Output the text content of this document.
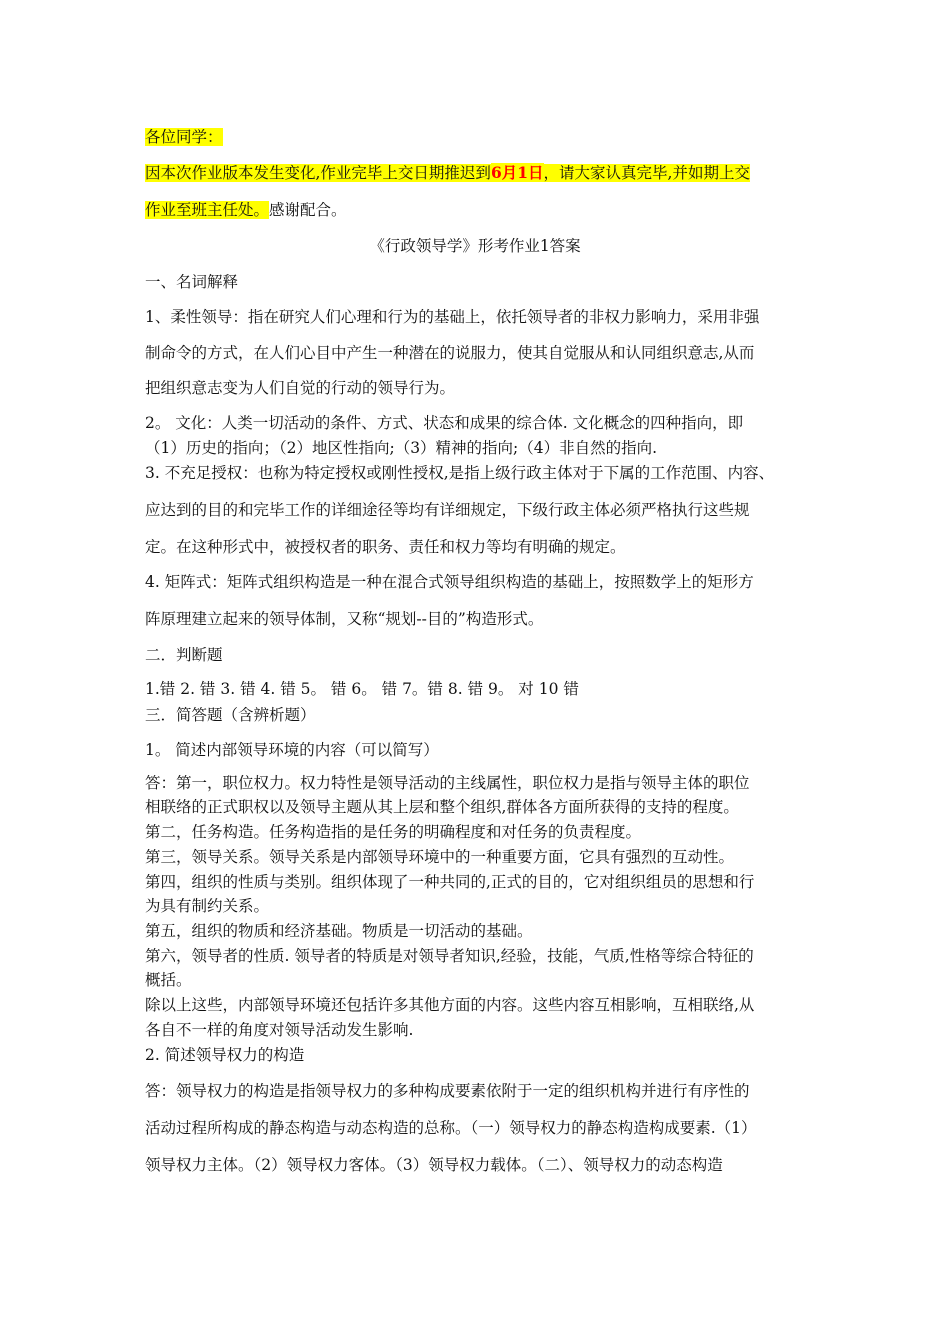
各位同学：
因本次作业版本发生变化,作业完毕上交日期推迟到6月1日，请大家认真完毕,并如期上交
作业至班主任处。感谢配合。
《行政领导学》形考作业1答案
一、名词解释
1、柔性领导：指在研究人们心理和行为的基础上，依托领导者的非权力影响力，采用非强
制命令的方式，在人们心目中产生一种潜在的说服力，使其自觉服从和认同组织意志,从而
把组织意志变为人们自觉的行动的领导行为。
2。 文化：人类一切活动的条件、方式、状态和成果的综合体. 文化概念的四种指向，即
（1）历史的指向；（2）地区性指向;（3）精神的指向;（4）非自然的指向.
3. 不充足授权：也称为特定授权或刚性授权,是指上级行政主体对于下属的工作范围、内容、
应达到的目的和完毕工作的详细途径等均有详细规定，下级行政主体必须严格执行这些规
定。在这种形式中，被授权者的职务、责任和权力等均有明确的规定。
4. 矩阵式：矩阵式组织构造是一种在混合式领导组织构造的基础上，按照数学上的矩形方
阵原理建立起来的领导体制，又称“规划--目的”构造形式。
二．判断题
1.错 2. 错 3. 错 4. 错 5。 错 6。 错 7。错 8. 错 9。 对 10 错
三．简答题（含辨析题）
1。 简述内部领导环境的内容（可以简写）
答：第一，职位权力。权力特性是领导活动的主线属性，职位权力是指与领导主体的职位
相联络的正式职权以及领导主题从其上层和整个组织,群体各方面所获得的支持的程度。
第二，任务构造。任务构造指的是任务的明确程度和对任务的负责程度。
第三，领导关系。领导关系是内部领导环境中的一种重要方面，它具有强烈的互动性。
第四，组织的性质与类别。组织体现了一种共同的,正式的目的，它对组织组员的思想和行
为具有制约关系。
第五，组织的物质和经济基础。物质是一切活动的基础。
第六，领导者的性质. 领导者的特质是对领导者知识,经验，技能，气质,性格等综合特征的
概括。
除以上这些，内部领导环境还包括许多其他方面的内容。这些内容互相影响，互相联络,从
各自不一样的角度对领导活动发生影响.
2. 简述领导权力的构造
答：领导权力的构造是指领导权力的多种构成要素依附于一定的组织机构并进行有序性的
活动过程所构成的静态构造与动态构造的总称。（一）领导权力的静态构造构成要素.（1）
领导权力主体。（2）领导权力客体。（3）领导权力载体。（二）、领导权力的动态构造
